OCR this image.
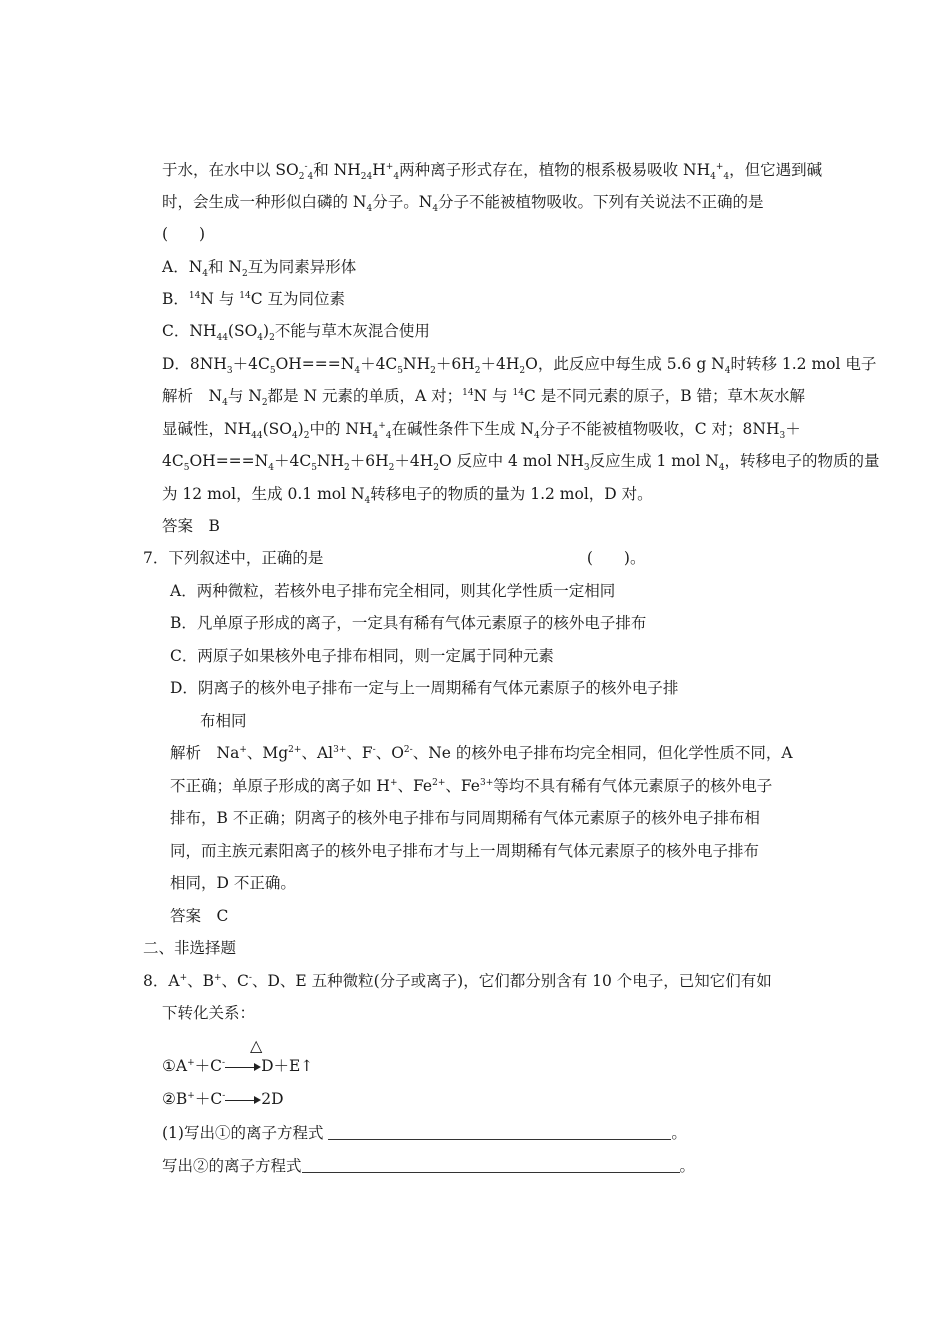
于水，在水中以 $SO_2^-_4$和 $NH_{24}H^+_4$两种离子形式存在，植物的根系极易吸收 $NH_4^+_4$，但它遇到碱
时，会生成一种形似白磷的 $N_4$分子。$N_4$分子不能被植物吸收。下列有关说法不正确的是
(　　)
A．$N_4$和 $N_2$互为同素异形体
B．$^{14}$N 与 $^{14}$C 互为同位素
C．$NH_{44}(SO_4)_2$不能与草木灰混合使用
D．$8NH_3+4C_5OH===N_4+4C_5NH_2+6H_2+4H_2O$，此反应中每生成 5.6 g $N_4$时转移 1.2 mol 电子
解析　$N_4$与 $N_2$都是 N 元素的单质，A 对；$^{14}$N 与 $^{14}$C 是不同元素的原子，B 错；草木灰水解
显碱性，$NH_{44}(SO_4)_2$中的 $NH_4^+_4$在碱性条件下生成 $N_4$分子不能被植物吸收，C 对；$8NH_3+$
$4C_5OH===N_4+4C_5NH_2+6H_2+4H_2O$ 反应中 4 mol $NH_3$反应生成 1 mol $N_4$，转移电子的物质的量
为 12 mol，生成 0.1 mol $N_4$转移电子的物质的量为 1.2 mol，D 对。
答案　B
7．下列叙述中，正确的是　　　　　　　　　　　　　　　　　(　　)。
A．两种微粒，若核外电子排布完全相同，则其化学性质一定相同
B．凡单原子形成的离子，一定具有稀有气体元素原子的核外电子排布
C．两原子如果核外电子排布相同，则一定属于同种元素
D．阴离子的核外电子排布一定与上一周期稀有气体元素原子的核外电子排
布相同
解析　Na+、$Mg^{2+}$、$Al^{3+}$、F-、$O^{2-}$、Ne 的核外电子排布均完全相同，但化学性质不同，A
不正确；单原子形成的离子如 H+、$Fe^{2+}$、$Fe^{3+}$等均不具有稀有气体元素原子的核外电子
排布，B 不正确；阴离子的核外电子排布与同周期稀有气体元素原子的核外电子排布相
同，而主族元素阳离子的核外电子排布才与上一周期稀有气体元素原子的核外电子排布
相同，D 不正确。
答案　C
二、非选择题
8．A+、B+、C-、D、E 五种微粒(分子或离子)，它们都分别含有 10 个电子，已知它们有如
下转化关系：
△
①A+＋C- D＋E↑
②B+＋C- 2D
(1)写出①的离子方程式	。
写出②的离子方程式	。
